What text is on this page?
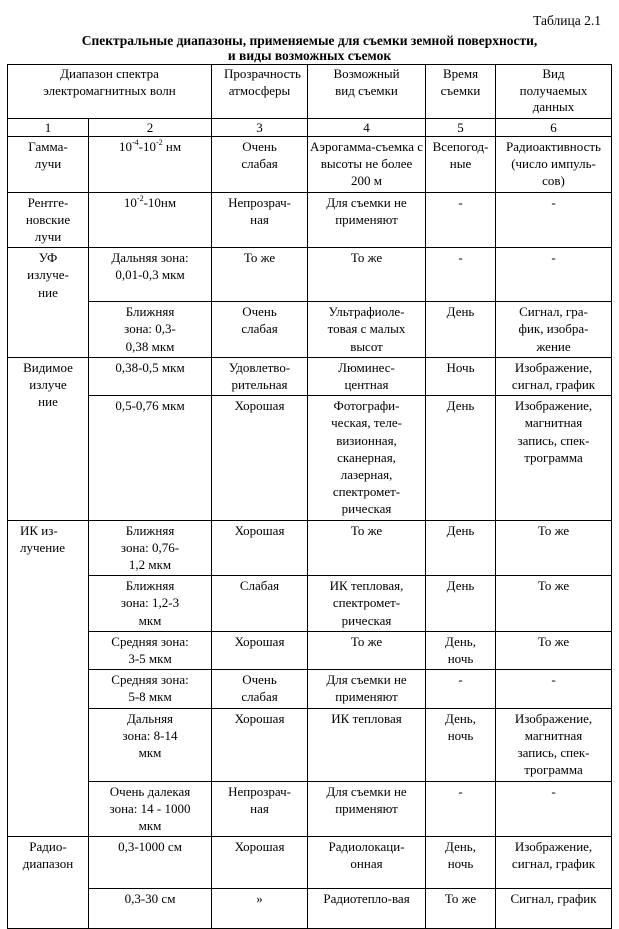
Таблица 2.1
Спектральные диапазоны, применяемые для съемки земной поверхности,
и виды возможных съемок
Диапазон спектра электромагнитных волн		Прозрачность атмосферы	Возможный вид съемки	Время съемки	Вид получаемых данных

1	2	3	4	5	6

Гамма-лучи	$10^{-4}-10^{-2}$ нм	Очень слабая	Аэрогамма-съемка с высоты не более 200 м	Всепогод-ные	Радиоактивность (число импуль-сов)

Рентге-новские лучи	$10^{-2}-10нм$	Непрозрач-ная	Для съемки не применяют	-	-

УФ излуче-ние	Дальняя зона: 0,01-0,3 мкм	То же	То же	-	-

	Ближняя зона: 0,3-0,38 мкм	Очень слабая	Ультрафиоле-товая с малых высот	День	Сигнал, гра-фик, изобра-жение

Видимое излуче ние	0,38-0,5 мкм	Удовлетво-рительная	Люминес-центная	Ночь	Изображение, сигнал, график
	0,5-0,76 мкм	Хорошая	Фотографи-ческая, теле-визионная, сканерная, лазерная, спектромет-рическая	День	Изображение, магнитная запись, спек-трограмма

ИК из-лучение	Ближняя зона: 0,76-1,2 мкм	Хорошая	То же	День	То же

	Ближняя зона: 1,2-3 мкм	Слабая	ИК тепловая, спектромет-рическая	День	То же

	Средняя зона: 3-5 мкм	Хорошая	То же	День, ночь	То же

	Средняя зона: 5-8 мкм	Очень слабая	Для съемки не применяют	-	-

	Дальняя зона: 8-14 мкм	Хорошая	ИК тепловая	День, ночь	Изображение, магнитная запись, спек-трограмма

	Очень далекая зона: 14 - 1000 мкм	Непрозрач-ная	Для съемки не применяют	-	-

Радио-диапазон	0,3-1000 см	Хорошая	Радиолокаци-онная	День, ночь	Изображение, сигнал, график
	0,3-30 см	»	Радиотепло-вая	То же	Сигнал, график
